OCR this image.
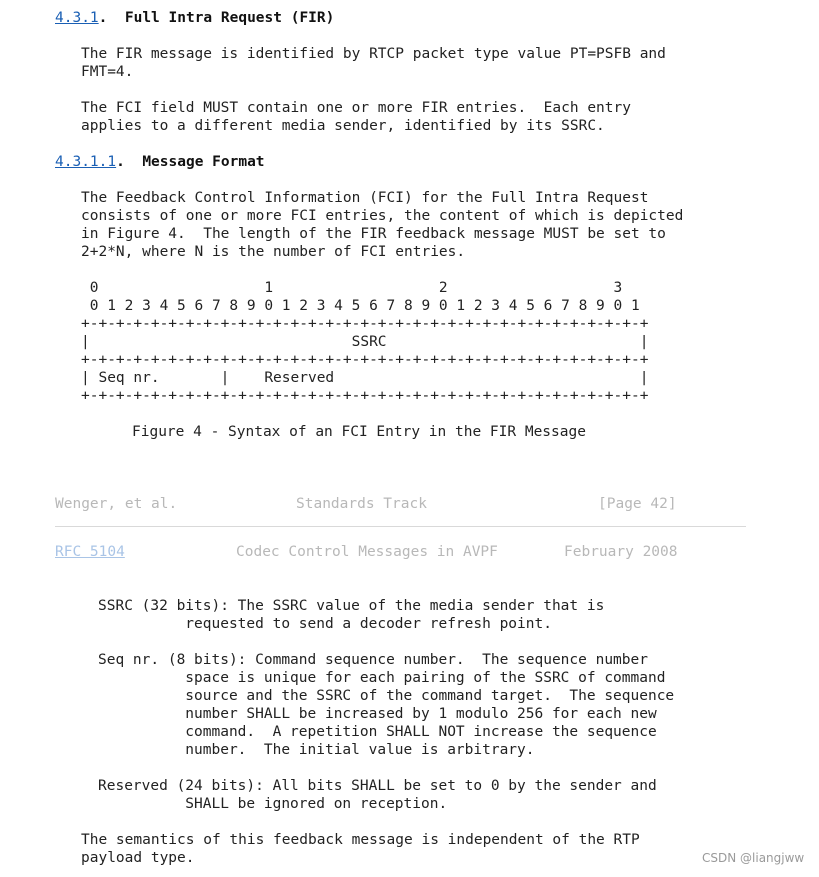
4.3.1.  Full Intra Request (FIR)
The FIR message is identified by RTCP packet type value PT=PSFB and
FMT=4.
The FCI field MUST contain one or more FIR entries.  Each entry
applies to a different media sender, identified by its SSRC.
4.3.1.1.  Message Format
The Feedback Control Information (FCI) for the Full Intra Request
consists of one or more FCI entries, the content of which is depicted
in Figure 4.  The length of the FIR feedback message MUST be set to
2+2*N, where N is the number of FCI entries.
0                   1                   2                   3
0 1 2 3 4 5 6 7 8 9 0 1 2 3 4 5 6 7 8 9 0 1 2 3 4 5 6 7 8 9 0 1
+-+-+-+-+-+-+-+-+-+-+-+-+-+-+-+-+-+-+-+-+-+-+-+-+-+-+-+-+-+-+-+-+
|                              SSRC                             |
+-+-+-+-+-+-+-+-+-+-+-+-+-+-+-+-+-+-+-+-+-+-+-+-+-+-+-+-+-+-+-+-+
| Seq nr.       |    Reserved                                   |
+-+-+-+-+-+-+-+-+-+-+-+-+-+-+-+-+-+-+-+-+-+-+-+-+-+-+-+-+-+-+-+-+
Figure 4 - Syntax of an FCI Entry in the FIR Message
Wenger, et al.	Standards Track	[Page 42]
RFC 5104	Codec Control Messages in AVPF	February 2008
SSRC (32 bits): The SSRC value of the media sender that is
requested to send a decoder refresh point.
Seq nr. (8 bits): Command sequence number.  The sequence number
space is unique for each pairing of the SSRC of command
source and the SSRC of the command target.  The sequence
number SHALL be increased by 1 modulo 256 for each new
command.  A repetition SHALL NOT increase the sequence
number.  The initial value is arbitrary.
Reserved (24 bits): All bits SHALL be set to 0 by the sender and
SHALL be ignored on reception.
The semantics of this feedback message is independent of the RTP
payload type.	CSDN @liangjww
